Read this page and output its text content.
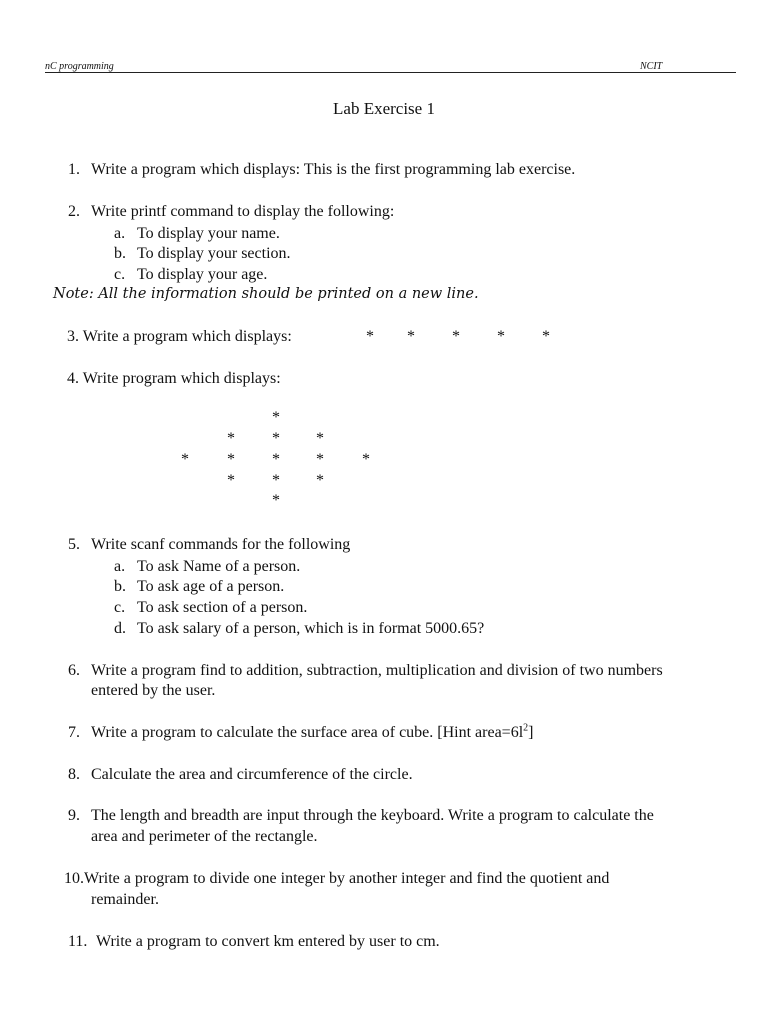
nC programming	NCIT
Lab Exercise 1
1. Write a program which displays: This is the first programming lab exercise.
2. Write printf command to display the following:
a. To display your name.
b. To display your section.
c. To display your age.
Note: All the information should be printed on a new line.
3. Write a program which displays:	* * * * *
4. Write program which displays:
*
* * *
* * * * *
* * *
*
5. Write scanf commands for the following
a. To ask Name of a person.
b. To ask age of a person.
c. To ask section of a person.
d. To ask salary of a person, which is in format 5000.65?
6. Write a program find to addition, subtraction, multiplication and division of two numbers
entered by the user.
7. Write a program to calculate the surface area of cube. [Hint $area=6l^2$]
8. Calculate the area and circumference of the circle.
9. The length and breadth are input through the keyboard. Write a program to calculate the
area and perimeter of the rectangle.
10.Write a program to divide one integer by another integer and find the quotient and
remainder.
11. Write a program to convert km entered by user to cm.
